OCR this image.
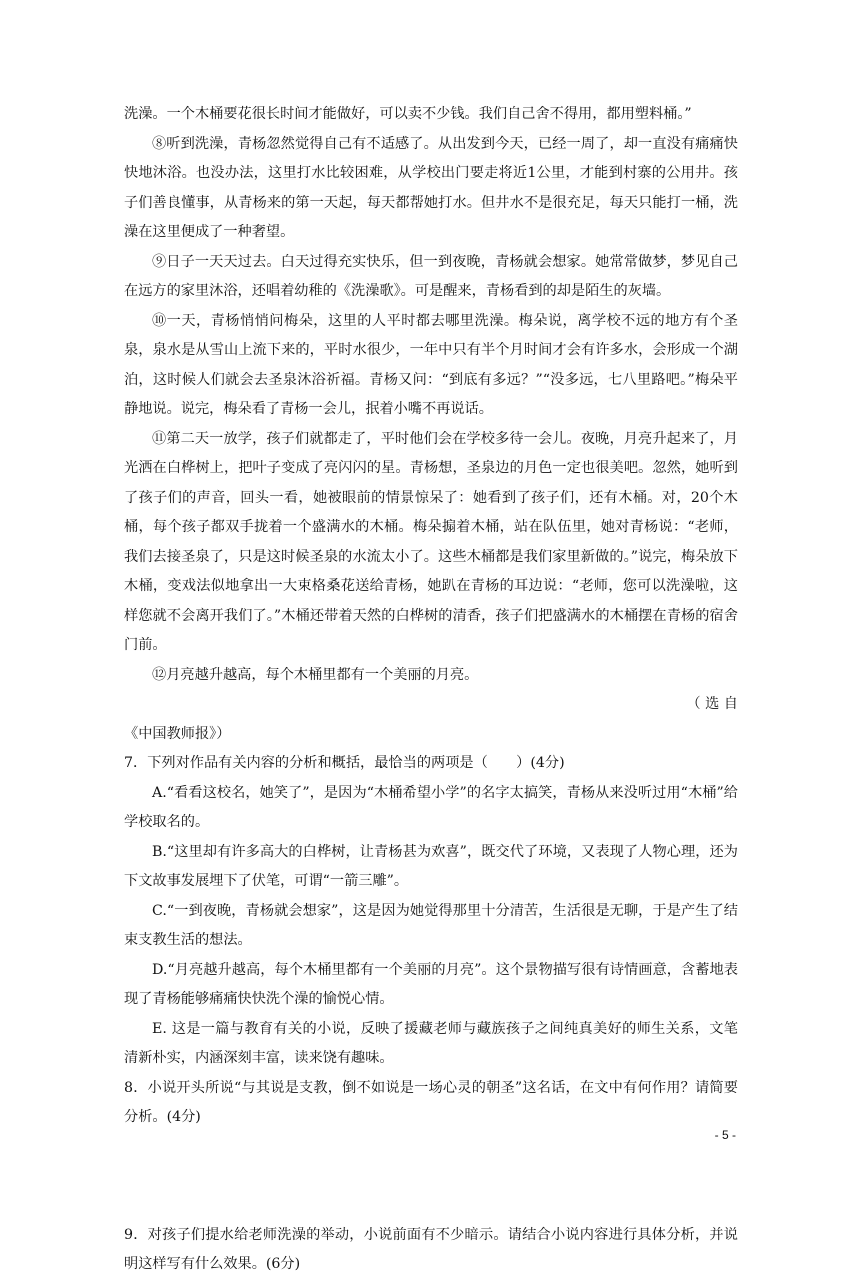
洗澡。一个木桶要花很长时间才能做好，可以卖不少钱。我们自己舍不得用，都用塑料桶。”

⑧听到洗澡，青杨忽然觉得自己有不适感了。从出发到今天，已经一周了，却一直没有痛痛快快地沐浴。也没办法，这里打水比较困难，从学校出门要走将近1公里，才能到村寨的公用井。孩子们善良懂事，从青杨来的第一天起，每天都帮她打水。但井水不是很充足，每天只能打一桶，洗澡在这里便成了一种奢望。

⑨日子一天天过去。白天过得充实快乐，但一到夜晚，青杨就会想家。她常常做梦，梦见自己在远方的家里沐浴，还唱着幼稚的《洗澡歌》。可是醒来，青杨看到的却是陌生的灰墙。

⑩一天，青杨悄悄问梅朵，这里的人平时都去哪里洗澡。梅朵说，离学校不远的地方有个圣泉，泉水是从雪山上流下来的，平时水很少，一年中只有半个月时间才会有许多水，会形成一个湖泊，这时候人们就会去圣泉沐浴祈福。青杨又问：“到底有多远？”“没多远，七八里路吧。”梅朵平静地说。说完，梅朵看了青杨一会儿，抿着小嘴不再说话。

⑪第二天一放学，孩子们就都走了，平时他们会在学校多待一会儿。夜晚，月亮升起来了，月光洒在白桦树上，把叶子变成了亮闪闪的星。青杨想，圣泉边的月色一定也很美吧。忽然，她听到了孩子们的声音，回头一看，她被眼前的情景惊呆了：她看到了孩子们，还有木桶。对，20个木桶，每个孩子都双手拢着一个盛满水的木桶。梅朵搧着木桶，站在队伍里，她对青杨说：“老师，我们去接圣泉了，只是这时候圣泉的水流太小了。这些木桶都是我们家里新做的。”说完，梅朵放下木桶，变戏法似地拿出一大束格桑花送给青杨，她趴在青杨的耳边说：“老师，您可以洗澡啦，这样您就不会离开我们了。”木桶还带着天然的白桦树的清香，孩子们把盛满水的木桶摆在青杨的宿舍门前。

⑫月亮越升越高，每个木桶里都有一个美丽的月亮。

（ 选 自

《中国教师报》）

7．下列对作品有关内容的分析和概括，最恰当的两项是（　　）(4分)

A.“看看这校名，她笑了”，是因为“木桶希望小学”的名字太搞笑，青杨从来没听过用“木桶”给学校取名的。

B.“这里却有许多高大的白桦树，让青杨甚为欢喜”，既交代了环境，又表现了人物心理，还为下文故事发展埋下了伏笔，可谓“一箭三雕”。

C.“一到夜晚，青杨就会想家”，这是因为她觉得那里十分清苦，生活很是无聊，于是产生了结束支教生活的想法。

D.“月亮越升越高，每个木桶里都有一个美丽的月亮”。这个景物描写很有诗情画意，含蓄地表现了青杨能够痛痛快快洗个澡的愉悦心情。

E. 这是一篇与教育有关的小说，反映了援藏老师与藏族孩子之间纯真美好的师生关系，文笔清新朴实，内涵深刻丰富，读来饶有趣味。

8．小说开头所说“与其说是支教，倒不如说是一场心灵的朝圣”这名话，在文中有何作用？请简要分析。(4分)

9．对孩子们提水给老师洗澡的举动，小说前面有不少暗示。请结合小说内容进行具体分析，并说明这样写有什么效果。(6分)

- 5 -
